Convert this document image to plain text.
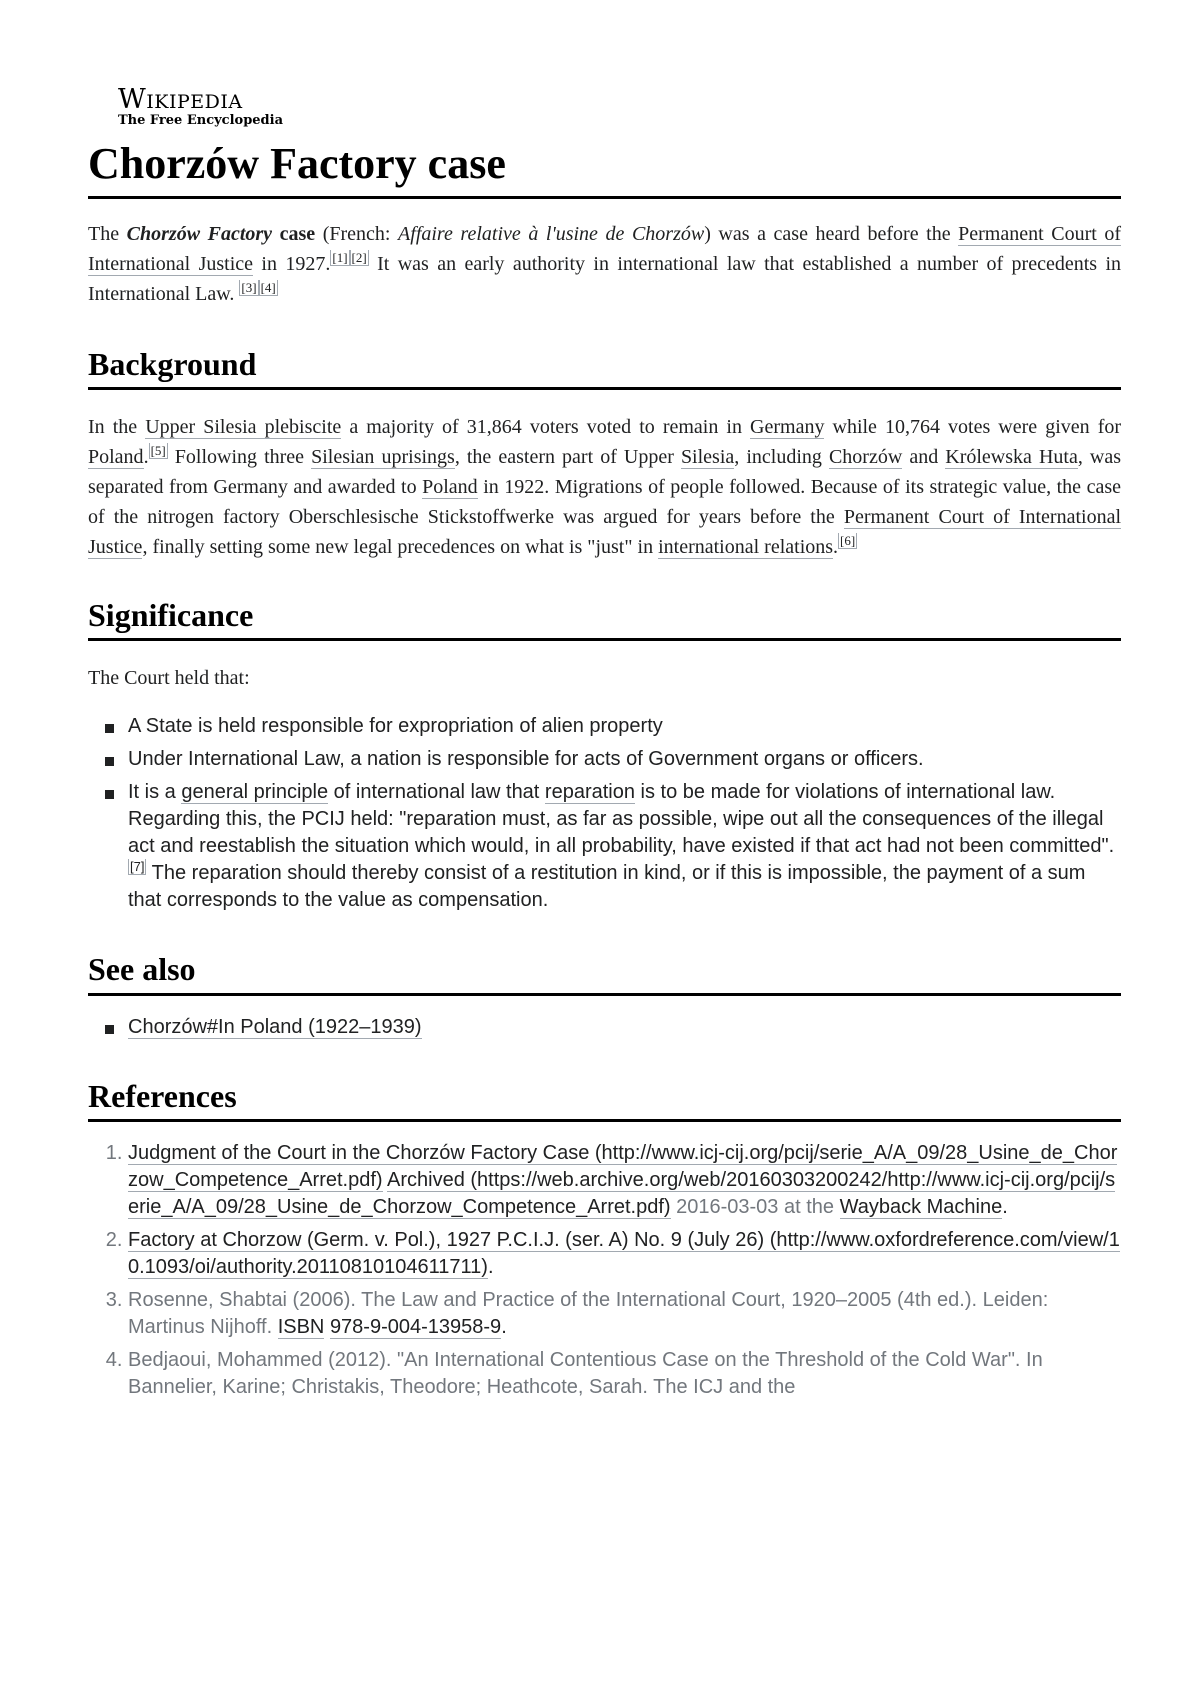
Wikipedia
The Free Encyclopedia
Chorzów Factory case

The Chorzów Factory case (French: Affaire relative à l'usine de Chorzów) was a case heard before the Permanent Court of International Justice in 1927. [1] [2] It was an early authority in international law that established a number of precedents in International Law. [3] [4]

Background

In the Upper Silesia plebiscite a majority of 31,864 voters voted to remain in Germany while 10,764 votes were given for Poland. [5] Following three Silesian uprisings, the eastern part of Upper Silesia, including Chorzów and Królewska Huta, was separated from Germany and awarded to Poland in 1922. Migrations of people followed. Because of its strategic value, the case of the nitrogen factory Oberschlesische Stickstoffwerke was argued for years before the Permanent Court of International Justice, finally setting some new legal precedences on what is "just" in international relations. [6]

Significance

The Court held that:

A State is held responsible for expropriation of alien property
Under International Law, a nation is responsible for acts of Government organs or officers.
It is a general principle of international law that reparation is to be made for violations of international law. Regarding this, the PCIJ held: "reparation must, as far as possible, wipe out all the consequences of the illegal act and reestablish the situation which would, in all probability, have existed if that act had not been committed".[7] The reparation should thereby consist of a restitution in kind, or if this is impossible, the payment of a sum that corresponds to the value as compensation.
See also
Chorzów#In Poland (1922–1939)
References
1. Judgment of the Court in the Chorzów Factory Case (http://www.icj-cij.org/pcij/serie_A/A_09/28_Usine_de_Chorzow_Competence_Arret.pdf) Archived (https://web.archive.org/web/20160303200242/http://www.icj-cij.org/pcij/serie_A/A_09/28_Usine_de_Chorzow_Competence_Arret.pdf) 2016-03-03 at the Wayback Machine.
2. Factory at Chorzow (Germ. v. Pol.), 1927 P.C.I.J. (ser. A) No. 9 (July 26) (http://www.oxfordreference.com/view/10.1093/oi/authority.20110810104611711).
3. Rosenne, Shabtai (2006). The Law and Practice of the International Court, 1920–2005 (4th ed.). Leiden: Martinus Nijhoff. ISBN 978-9-004-13958-9.
4. Bedjaoui, Mohammed (2012). "An International Contentious Case on the Threshold of the Cold War". In Bannelier, Karine; Christakis, Theodore; Heathcote, Sarah. The ICJ and the
